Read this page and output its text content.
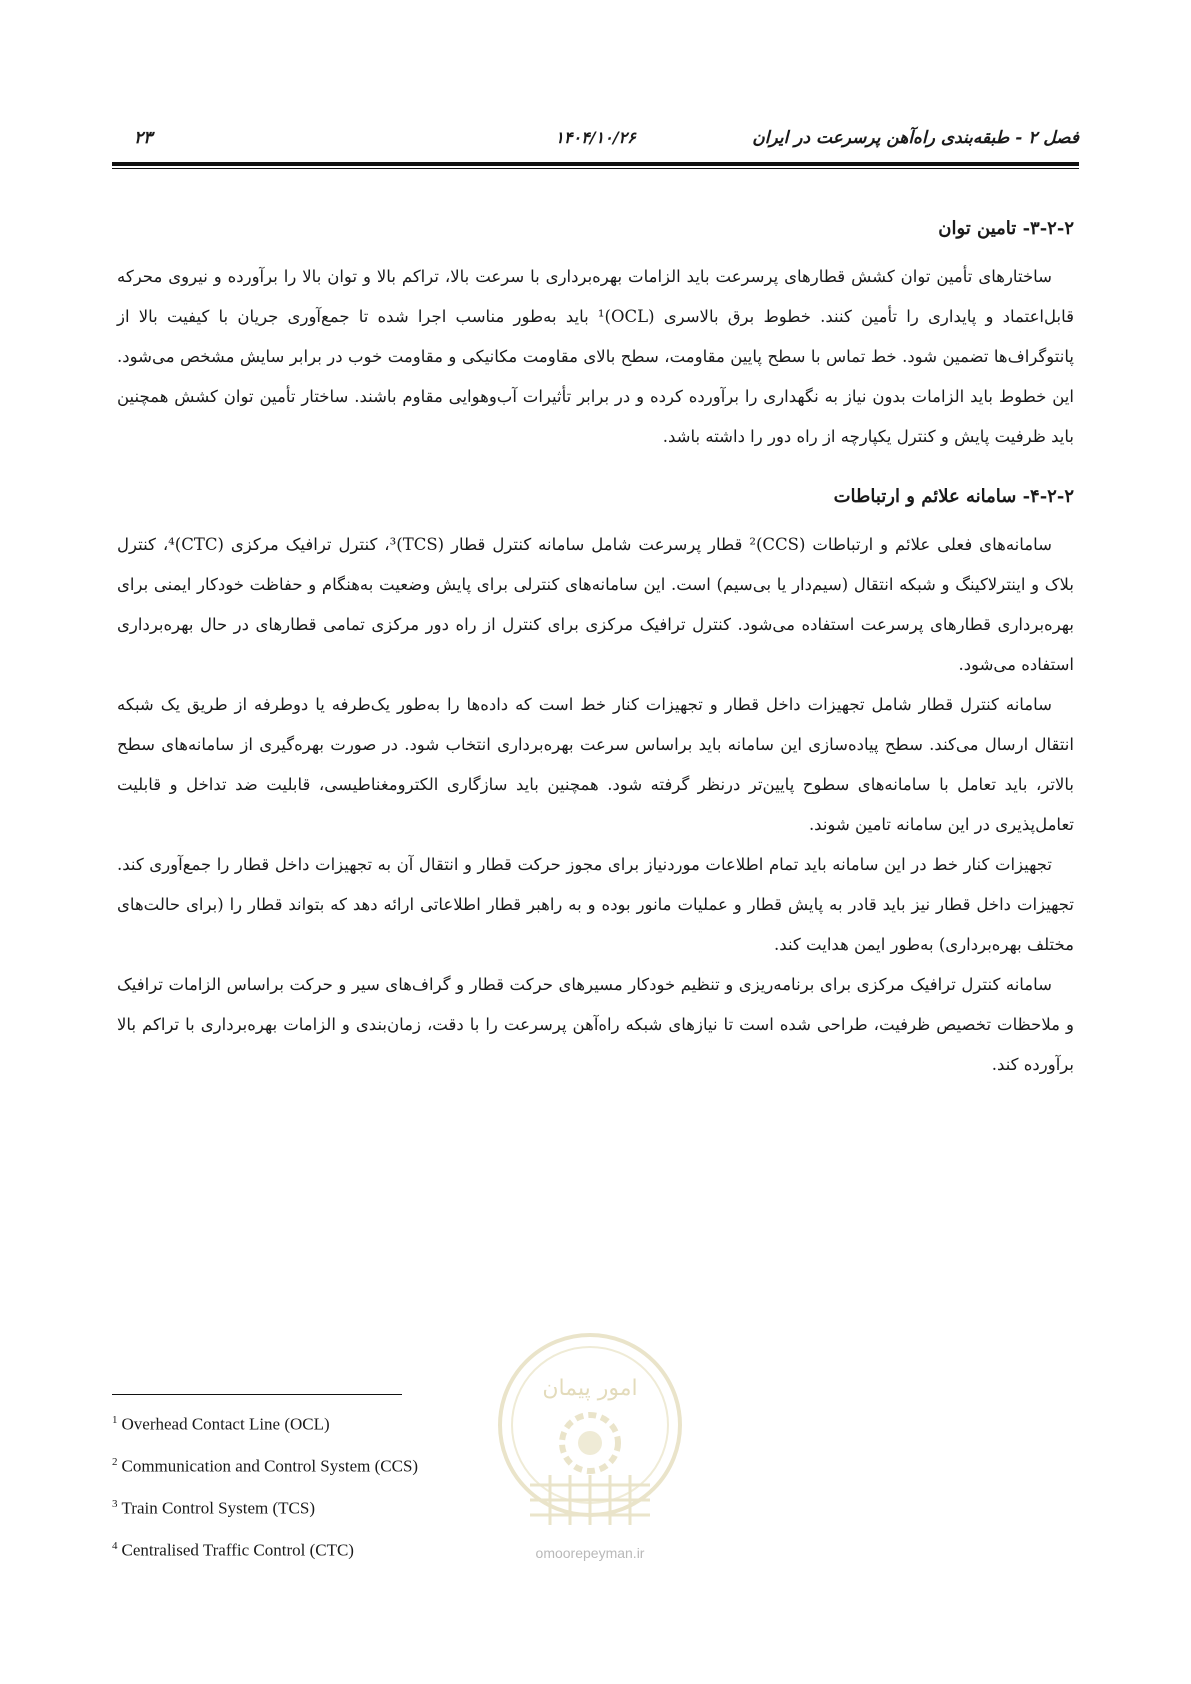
۲۳	۱۴۰۴/۱۰/۲۶	فصل ۲ - طبقه‌بندی راه‌آهن پرسرعت در ایران
۳-۲-۲- تامین توان

ساختارهای تأمین توان کشش قطارهای پرسرعت باید الزامات بهره‌برداری با سرعت بالا، تراکم بالا و توان بالا را برآورده و نیروی محرکه قابل‌اعتماد و پایداری را تأمین کنند. خطوط برق بالاسری (OCL)¹ باید به‌طور مناسب اجرا شده تا جمع‌آوری جریان با کیفیت بالا از پانتوگراف‌ها تضمین شود. خط تماس با سطح پایین مقاومت، سطح بالای مقاومت مکانیکی و مقاومت خوب در برابر سایش مشخص می‌شود. این خطوط باید الزامات بدون نیاز به نگهداری را برآورده کرده و در برابر تأثیرات آب‌وهوایی مقاوم باشند. ساختار تأمین توان کشش همچنین باید ظرفیت پایش و کنترل یکپارچه از راه دور را داشته باشد.

۴-۲-۲- سامانه علائم و ارتباطات

سامانه‌های فعلی علائم و ارتباطات (CCS)² قطار پرسرعت شامل سامانه کنترل قطار (TCS)³، کنترل ترافیک مرکزی (CTC)⁴، کنترل بلاک و اینترلاکینگ و شبکه انتقال (سیم‌دار یا بی‌سیم) است. این سامانه‌های کنترلی برای پایش وضعیت به‌هنگام و حفاظت خودکار ایمنی برای بهره‌برداری قطارهای پرسرعت استفاده می‌شود. کنترل ترافیک مرکزی برای کنترل از راه دور مرکزی تمامی قطارهای در حال بهره‌برداری استفاده می‌شود.

سامانه کنترل قطار شامل تجهیزات داخل قطار و تجهیزات کنار خط است که داده‌ها را به‌طور یک‌طرفه یا دوطرفه از طریق یک شبکه انتقال ارسال می‌کند. سطح پیاده‌سازی این سامانه باید براساس سرعت بهره‌برداری انتخاب شود. در صورت بهره‌گیری از سامانه‌های سطح بالاتر، باید تعامل با سامانه‌های سطوح پایین‌تر درنظر گرفته شود. همچنین باید سازگاری الکترومغناطیسی، قابلیت ضد تداخل و قابلیت تعامل‌پذیری در این سامانه تامین شوند.

تجهیزات کنار خط در این سامانه باید تمام اطلاعات موردنیاز برای مجوز حرکت قطار و انتقال آن به تجهیزات داخل قطار را جمع‌آوری کند. تجهیزات داخل قطار نیز باید قادر به پایش قطار و عملیات مانور بوده و به راهبر قطار اطلاعاتی ارائه دهد که بتواند قطار را (برای حالت‌های مختلف بهره‌برداری) به‌طور ایمن هدایت کند.

سامانه کنترل ترافیک مرکزی برای برنامه‌ریزی و تنظیم خودکار مسیرهای حرکت قطار و گراف‌های سیر و حرکت براساس الزامات ترافیک و ملاحظات تخصیص ظرفیت، طراحی شده است تا نیازهای شبکه راه‌آهن پرسرعت را با دقت، زمان‌بندی و الزامات بهره‌برداری با تراکم بالا برآورده کند.

$^1$ Overhead Contact Line (OCL)
$^2$ Communication and Control System (CCS)
$^3$ Train Control System (TCS)
$^4$ Centralised Traffic Control (CTC)
امور پیمان
omoorepeyman.ir
